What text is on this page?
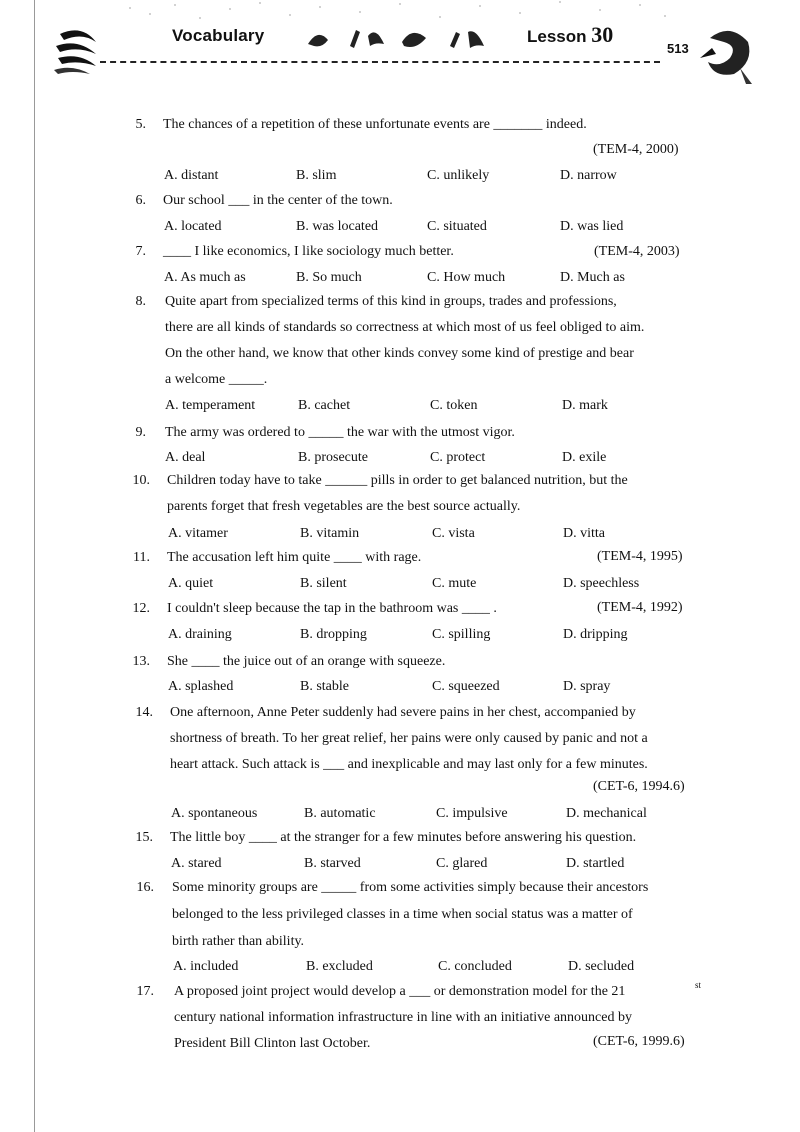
Vocabulary	Lesson 30
513
5. The chances of a repetition of these unfortunate events are _______ indeed.
(TEM-4, 2000)
A. distant	B. slim	C. unlikely	D. narrow
6. Our school ___ in the center of the town.
A. located	B. was located	C. situated	D. was lied
7. ____ I like economics, I like sociology much better.	(TEM-4, 2003)
A. As much as	B. So much	C. How much	D. Much as
8. Quite apart from specialized terms of this kind in groups, trades and professions,
there are all kinds of standards so correctness at which most of us feel obliged to aim.
On the other hand, we know that other kinds convey some kind of prestige and bear
a welcome _____.
A. temperament	B. cachet	C. token	D. mark
9. The army was ordered to _____ the war with the utmost vigor.
A. deal	B. prosecute	C. protect	D. exile
10. Children today have to take ______ pills in order to get balanced nutrition, but the
parents forget that fresh vegetables are the best source actually.
A. vitamer	B. vitamin	C. vista	D. vitta
11. The accusation left him quite ____ with rage.	(TEM-4, 1995)
A. quiet	B. silent	C. mute	D. speechless
12. I couldn't sleep because the tap in the bathroom was ____ .	(TEM-4, 1992)
A. draining	B. dropping	C. spilling	D. dripping
13. She ____ the juice out of an orange with squeeze.
A. splashed	B. stable	C. squeezed	D. spray
14. One afternoon, Anne Peter suddenly had severe pains in her chest, accompanied by
shortness of breath. To her great relief, her pains were only caused by panic and not a
heart attack. Such attack is ___ and inexplicable and may last only for a few minutes.
(CET-6, 1994.6)
A. spontaneous	B. automatic	C. impulsive	D. mechanical
15. The little boy ____ at the stranger for a few minutes before answering his question.
A. stared	B. starved	C. glared	D. startled
16. Some minority groups are _____ from some activities simply because their ancestors
belonged to the less privileged classes in a time when social status was a matter of
birth rather than ability.
A. included	B. excluded	C. concluded	D. secluded
17. A proposed joint project would develop a ___ or demonstration model for the 21	st
century national information infrastructure in line with an initiative announced by
President Bill Clinton last October.	(CET-6, 1999.6)
